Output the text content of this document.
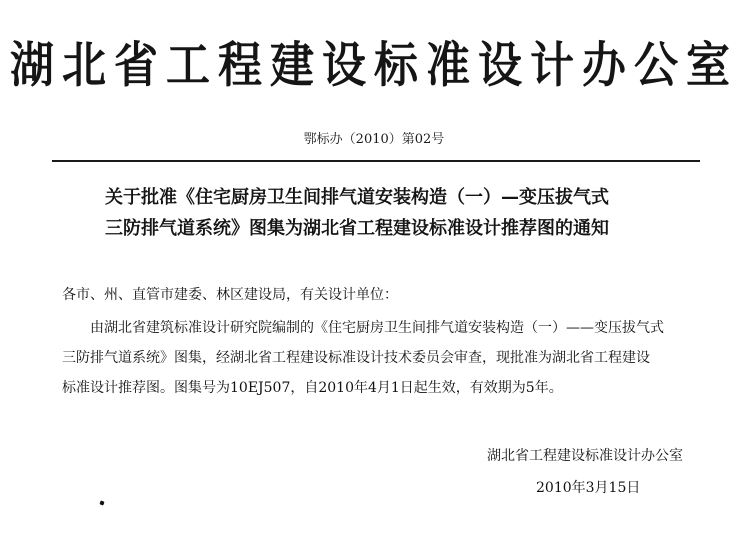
湖北省工程建设标准设计办公室
鄂标办（2010）第02号
关于批准《住宅厨房卫生间排气道安装构造（一）—变压拔气式
三防排气道系统》图集为湖北省工程建设标准设计推荐图的通知
各市、州、直管市建委、林区建设局，有关设计单位：
由湖北省建筑标准设计研究院编制的《住宅厨房卫生间排气道安装构造（一）——变压拔气式
三防排气道系统》图集，经湖北省工程建设标准设计技术委员会审查，现批准为湖北省工程建设
标准设计推荐图。图集号为10EJ507，自2010年4月1日起生效，有效期为5年。
湖北省工程建设标准设计办公室
2010年3月15日
